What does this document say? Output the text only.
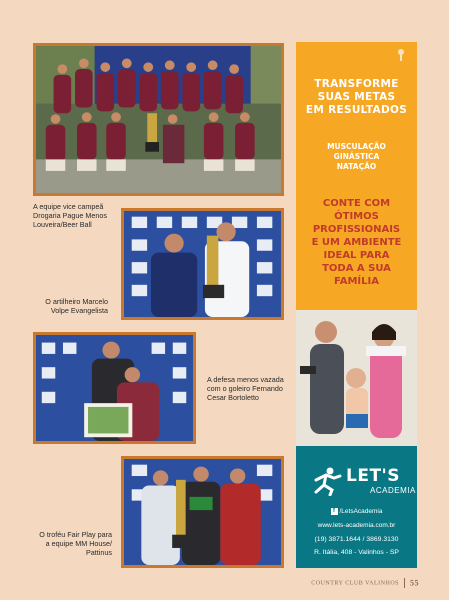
A equipe vice campeã
Drogaria Pague Menos
Louveira/Beer Ball
O artilheiro Marcelo
Volpe Evangelista
A defesa menos vazada
com o goleiro Fernando
Cesar Bortoletto
O troféu Fair Play para
a equipe MM House/
Pattinus
TRANSFORME
SUAS METAS
EM RESULTADOS
MUSCULAÇÃO
GINÁSTICA
NATAÇÃO
CONTE COM
ÓTIMOS
PROFISSIONAIS
E UM AMBIENTE
IDEAL PARA
TODA A SUA
FAMÍLIA
LET'S
ACADEMIA
f /LetsAcademia
www.lets-academia.com.br
(19) 3871.1644 / 3869.3130
R. Itália, 408 - Valinhos - SP
COUNTRY CLUB VALINHOS 55
